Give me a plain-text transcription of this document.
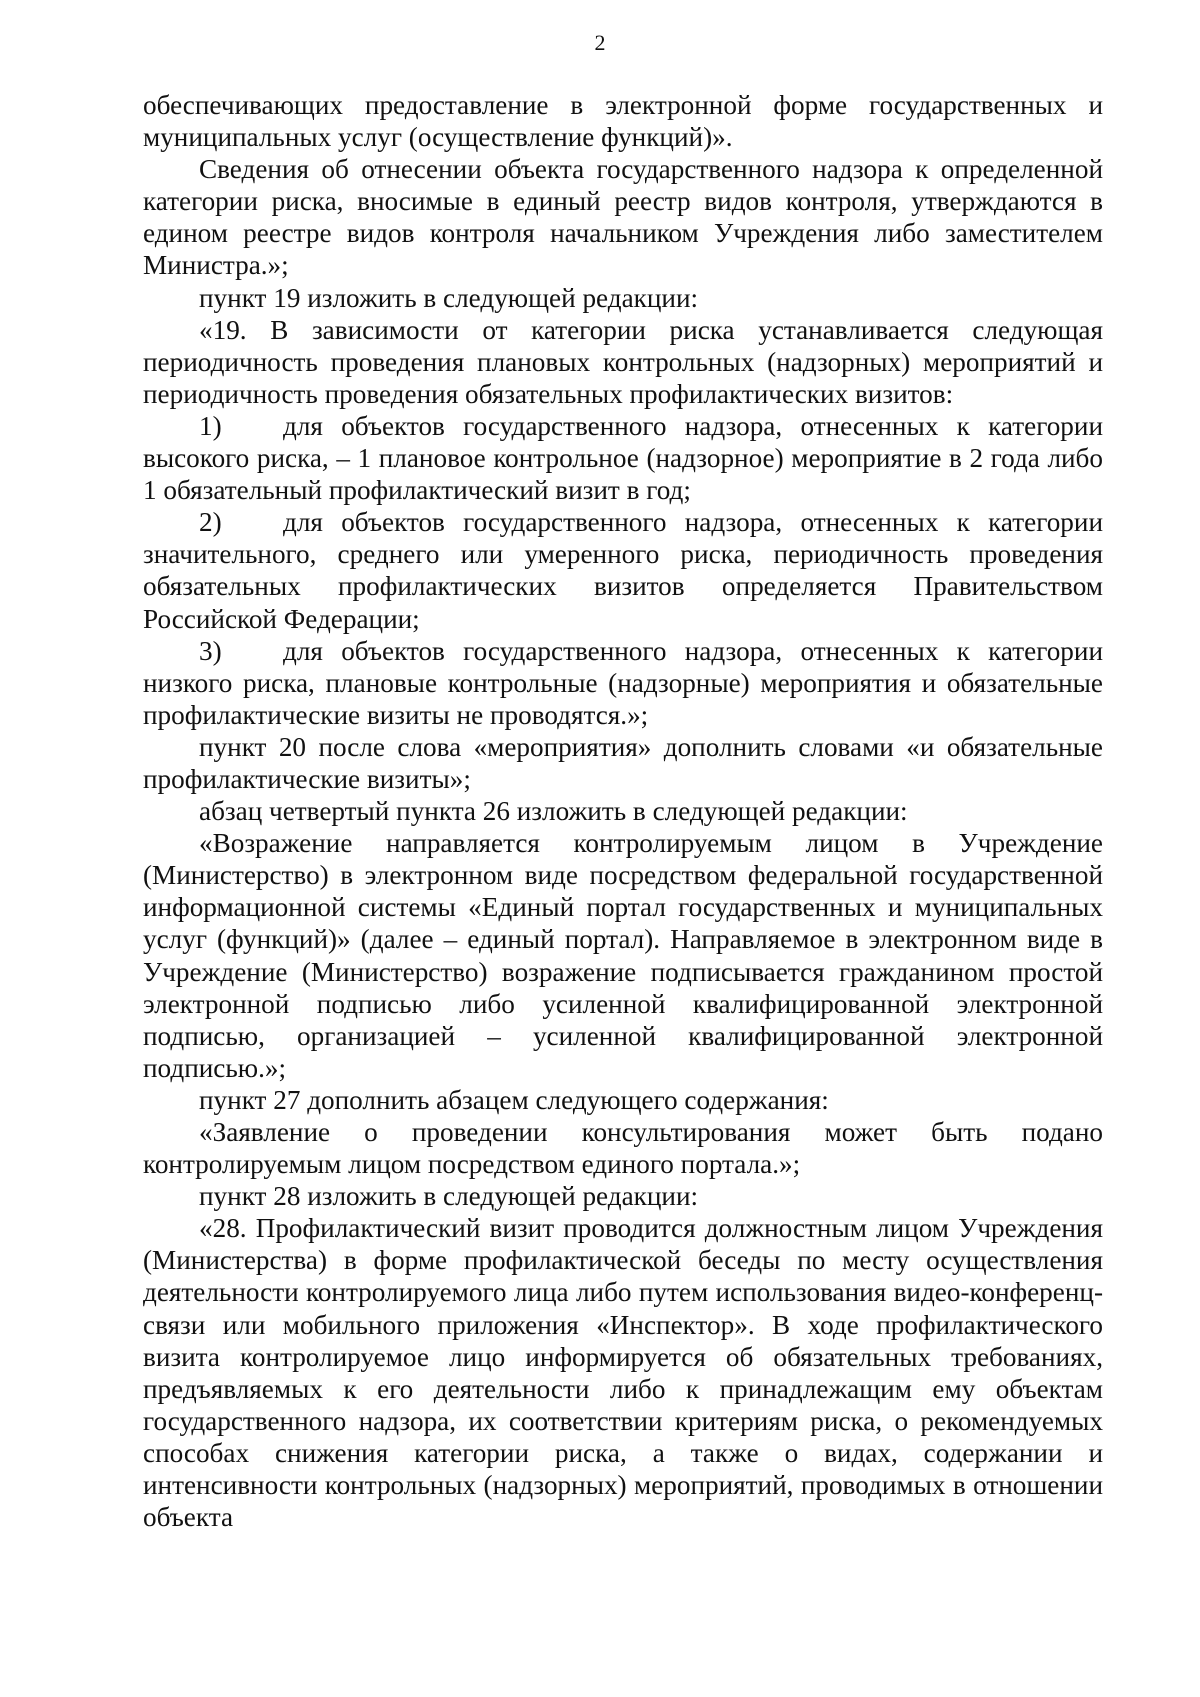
2

обеспечивающих предоставление в электронной форме государственных и муниципальных услуг (осуществление функций)».

Сведения об отнесении объекта государственного надзора к определенной категории риска, вносимые в единый реестр видов контроля, утверждаются в едином реестре видов контроля начальником Учреждения либо заместителем Министра.»;

пункт 19 изложить в следующей редакции:

«19. В зависимости от категории риска устанавливается следующая периодичность проведения плановых контрольных (надзорных) мероприятий и периодичность проведения обязательных профилактических визитов:

1) для объектов государственного надзора, отнесенных к категории высокого риска, – 1 плановое контрольное (надзорное) мероприятие в 2 года либо 1 обязательный профилактический визит в год;

2) для объектов государственного надзора, отнесенных к категории значительного, среднего или умеренного риска, периодичность проведения обязательных профилактических визитов определяется Правительством Российской Федерации;

3) для объектов государственного надзора, отнесенных к категории низкого риска, плановые контрольные (надзорные) мероприятия и обязательные профилактические визиты не проводятся.»;

пункт 20 после слова «мероприятия» дополнить словами «и обязательные профилактические визиты»;

абзац четвертый пункта 26 изложить в следующей редакции:

«Возражение направляется контролируемым лицом в Учреждение (Министерство) в электронном виде посредством федеральной государственной информационной системы «Единый портал государственных и муниципальных услуг (функций)» (далее – единый портал). Направляемое в электронном виде в Учреждение (Министерство) возражение подписывается гражданином простой электронной подписью либо усиленной квалифицированной электронной подписью, организацией – усиленной квалифицированной электронной подписью.»;

пункт 27 дополнить абзацем следующего содержания:

«Заявление о проведении консультирования может быть подано контролируемым лицом посредством единого портала.»;

пункт 28 изложить в следующей редакции:

«28. Профилактический визит проводится должностным лицом Учреждения (Министерства) в форме профилактической беседы по месту осуществления деятельности контролируемого лица либо путем использования видео-конференц-связи или мобильного приложения «Инспектор». В ходе профилактического визита контролируемое лицо информируется об обязательных требованиях, предъявляемых к его деятельности либо к принадлежащим ему объектам государственного надзора, их соответствии критериям риска, о рекомендуемых способах снижения категории риска, а также о видах, содержании и интенсивности контрольных (надзорных) мероприятий, проводимых в отношении объекта
